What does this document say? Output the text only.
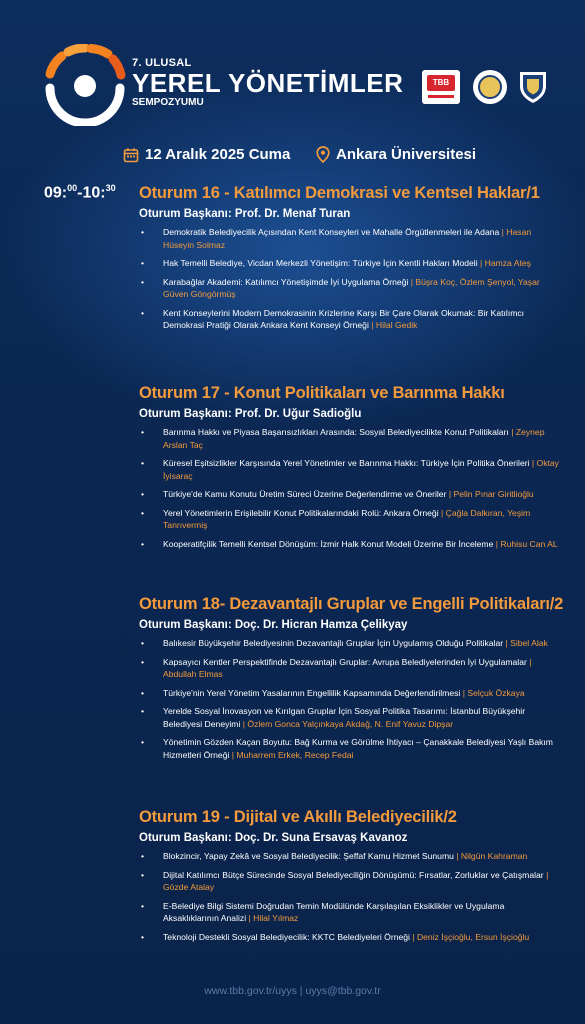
7. ULUSAL
YEREL YÖNETİMLER
SEMPOZYUMU
TBB
12 Aralık 2025 Cuma	Ankara Üniversitesi
09:$^{00}$-10:$^{30}$ Oturum 16 - Katılımcı Demokrasi ve Kentsel Haklar/1
Oturum Başkanı: Prof. Dr. Menaf Turan
• Demokratik Belediyecilik Açısından Kent Konseyleri ve Mahalle Örgütlenmeleri ile Adana | Hasan Hüseyin Solmaz
• Hak Temelli Belediye, Vicdan Merkezli Yönetişim: Türkiye İçin Kentli Hakları Modeli | Hamza Ateş
• Karabağlar Akademi: Katılımcı Yönetişimde İyi Uygulama Örneği | Büşra Koç, Özlem Şenyol, Yaşar Güven Göngörmüş
• Kent Konseylerini Modern Demokrasinin Krizlerine Karşı Bir Çare Olarak Okumak: Bir Katılımcı Demokrasi Pratiği Olarak Ankara Kent Konseyi Örneği | Hilal Gedik
Oturum 17 - Konut Politikaları ve Barınma Hakkı
Oturum Başkanı: Prof. Dr. Uğur Sadioğlu
• Barınma Hakkı ve Piyasa Başarısızlıkları Arasında: Sosyal Belediyecilikte Konut Politikaları | Zeynep Arslan Taç
• Küresel Eşitsizlikler Karşısında Yerel Yönetimler ve Barınma Hakkı: Türkiye İçin Politika Önerileri | Oktay İyisaraç
• Türkiye'de Kamu Konutu Üretim Süreci Üzerine Değerlendirme ve Öneriler | Pelin Pınar Giritlioğlu
• Yerel Yönetimlerin Erişilebilir Konut Politikalarındaki Rolü: Ankara Örneği | Çağla Dalkıran, Yeşim Tanrıvermiş
• Kooperatifçilik Temelli Kentsel Dönüşüm: İzmir Halk Konut Modeli Üzerine Bir İnceleme | Ruhisu Can AL
Oturum 18- Dezavantajlı Gruplar ve Engelli Politikaları/2
Oturum Başkanı: Doç. Dr. Hicran Hamza Çelikyay
• Balıkesir Büyükşehir Belediyesinin Dezavantajlı Gruplar İçin Uygulamış Olduğu Politikalar | Sibel Alak
• Kapsayıcı Kentler Perspektifinde Dezavantajlı Gruplar: Avrupa Belediyelerinden İyi Uygulamalar | Abdullah Elmas
• Türkiye'nin Yerel Yönetim Yasalarının Engellilik Kapsamında Değerlendirilmesi | Selçuk Özkaya
• Yerelde Sosyal İnovasyon ve Kırılgan Gruplar İçin Sosyal Politika Tasarımı: İstanbul Büyükşehir Belediyesi Deneyimi | Özlem Gonca Yalçınkaya Akdağ, N. Enif Yavuz Dipşar
• Yönetimin Gözden Kaçan Boyutu: Bağ Kurma ve Görülme İhtiyacı – Çanakkale Belediyesi Yaşlı Bakım Hizmetleri Örneği | Muharrem Erkek, Recep Fedai
Oturum 19 - Dijital ve Akıllı Belediyecilik/2
Oturum Başkanı: Doç. Dr. Suna Ersavaş Kavanoz
• Blokzincir, Yapay Zekâ ve Sosyal Belediyecilik: Şeffaf Kamu Hizmet Sunumu | Nilgün Kahraman
• Dijital Katılımcı Bütçe Sürecinde Sosyal Belediyeciliğin Dönüşümü: Fırsatlar, Zorluklar ve Çatışmalar | Gözde Atalay
• E-Belediye Bilgi Sistemi Doğrudan Temin Modülünde Karşılaşılan Eksiklikler ve Uygulama Aksaklıklarının Analizi | Hilal Yılmaz
• Teknoloji Destekli Sosyal Belediyecilik: KKTC Belediyeleri Örneği | Deniz İşçioğlu, Ersun İşçioğlu
www.tbb.gov.tr/uyys | uyys@tbb.gov.tr
